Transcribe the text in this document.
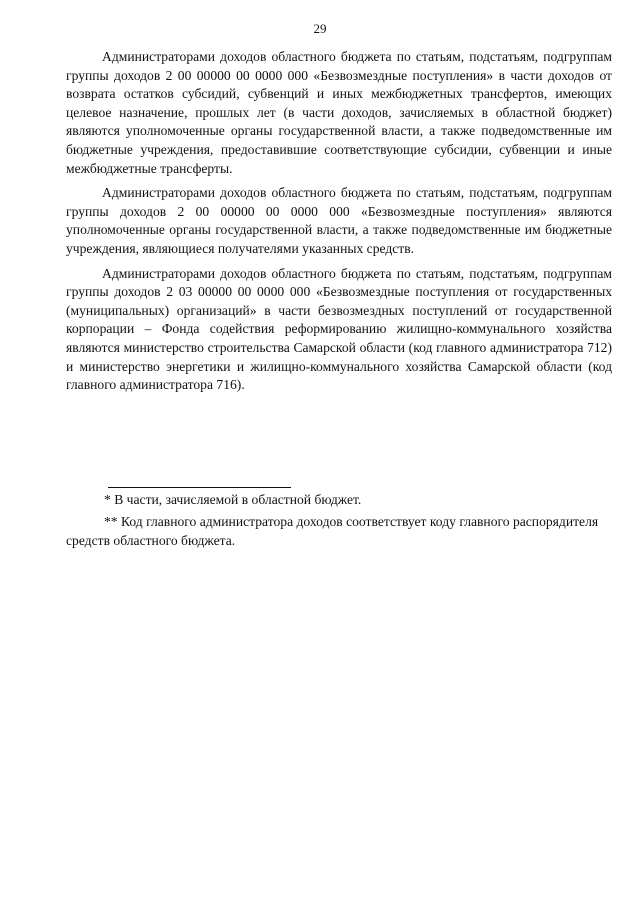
29

Администраторами доходов областного бюджета по статьям, подстатьям, подгруппам группы доходов 2 00 00000 00 0000 000 «Безвозмездные поступления» в части доходов от возврата остатков субсидий, субвенций и иных межбюджетных трансфертов, имеющих целевое назначение, прошлых лет (в части доходов, зачисляемых в областной бюджет) являются уполномоченные органы государственной власти, а также подведомственные им бюджетные учреждения, предоставившие соответствующие субсидии, субвенции и иные межбюджетные трансферты.

Администраторами доходов областного бюджета по статьям, подстатьям, подгруппам группы доходов 2 00 00000 00 0000 000 «Безвозмездные поступления» являются уполномоченные органы государственной власти, а также подведомственные им бюджетные учреждения, являющиеся получателями указанных средств.

Администраторами доходов областного бюджета по статьям, подстатьям, подгруппам группы доходов 2 03 00000 00 0000 000 «Безвозмездные поступления от государственных (муниципальных) организаций» в части безвозмездных поступлений от государственной корпорации – Фонда содействия реформированию жилищно-коммунального хозяйства являются министерство строительства Самарской области (код главного администратора 712) и министерство энергетики и жилищно-коммунального хозяйства Самарской области (код главного администратора 716).

* В части, зачисляемой в областной бюджет.

** Код главного администратора доходов соответствует коду главного распорядителя средств областного бюджета.
